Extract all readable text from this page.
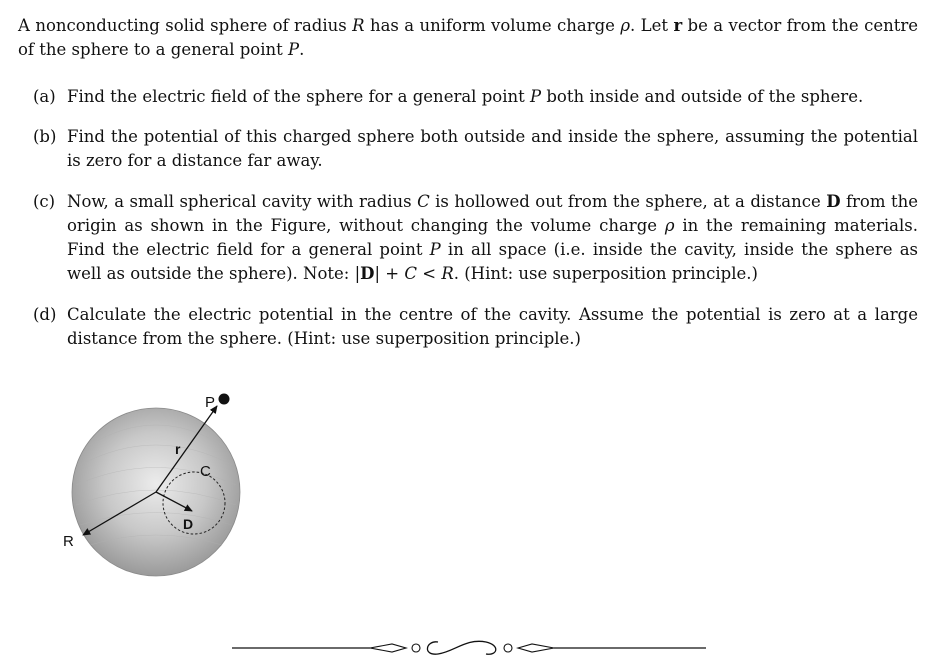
A nonconducting solid sphere of radius R has a uniform volume charge ρ. Let r be a vector from the centre of the sphere to a general point P.
(a) Find the electric field of the sphere for a general point P both inside and outside of the sphere.
(b) Find the potential of this charged sphere both outside and inside the sphere, assuming the potential is zero for a distance far away.
(c) Now, a small spherical cavity with radius C is hollowed out from the sphere, at a distance D from the origin as shown in the Figure, without changing the volume charge ρ in the remaining materials. Find the electric field for a general point P in all space (i.e. inside the cavity, inside the sphere as well as outside the sphere). Note: |D| + C < R. (Hint: use superposition principle.)
(d) Calculate the electric potential in the centre of the cavity. Assume the potential is zero at a large distance from the sphere. (Hint: use superposition principle.)
P
r
C
D
R
